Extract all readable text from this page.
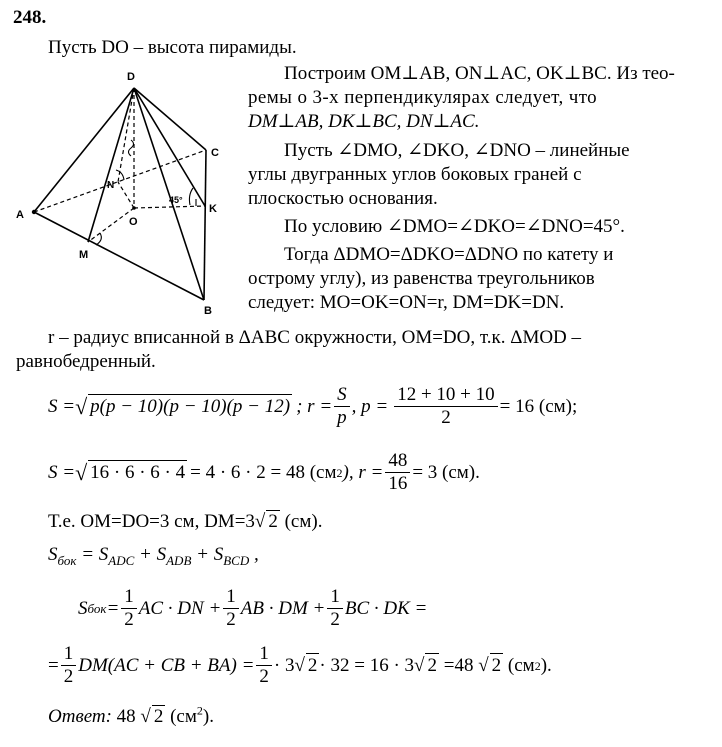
248.
Пусть DO – высота пирамиды.
D
C
A	K
O
N
M
B
45°
Построим OM⊥AB, ON⊥AC, OK⊥BC. Из тео-
ремы о 3-х перпендикулярах следует, что
DM⊥AB, DK⊥BC, DN⊥AC.
Пусть ∠DMO, ∠DKO, ∠DNO – линейные
углы двугранных углов боковых граней с
плоскостью основания.
По условию ∠DMO=∠DKO=∠DNO=45°.
Тогда ΔDMO=ΔDKO=ΔDNO по катету и
острому углу), из равенства треугольников
следует: MO=OK=ON=r, DM=DK=DN.
r – радиус вписанной в ΔABC окружности, OM=DO, т.к. ΔMOD –
равнобедренный.
S = √ p(p − 10)(p − 10)(p − 12) ; $r = \frac{S}{p}$ , $p = \frac{12 + 10 + 10}{2} = 16$ (см);
S = √ 16 · 6 · 6 · 4 = 4 · 6 · 2 = 48 (см 2 ), $r = \frac{48}{16} = 3$ (см).
Т.е. OM=DO=3 см, DM=3√ 2 (см).
$S_{бок} = S_{ADC} + S_{ADB} + S_{BCD}$ ,
S бок = $\frac{1}{2}$ AC · DN + $\frac{1}{2}$ AB · DM + $\frac{1}{2}$ BC · DK =
= $\frac{1}{2} DM(AC$ + CB + $BA) = \frac{1}{2} \cdot 3$ √ 2 · 32 = 16 · 3 √ 2 =48 √ 2 (см 2 ).
Ответ: 48 √ 2 $(см^2)$.
